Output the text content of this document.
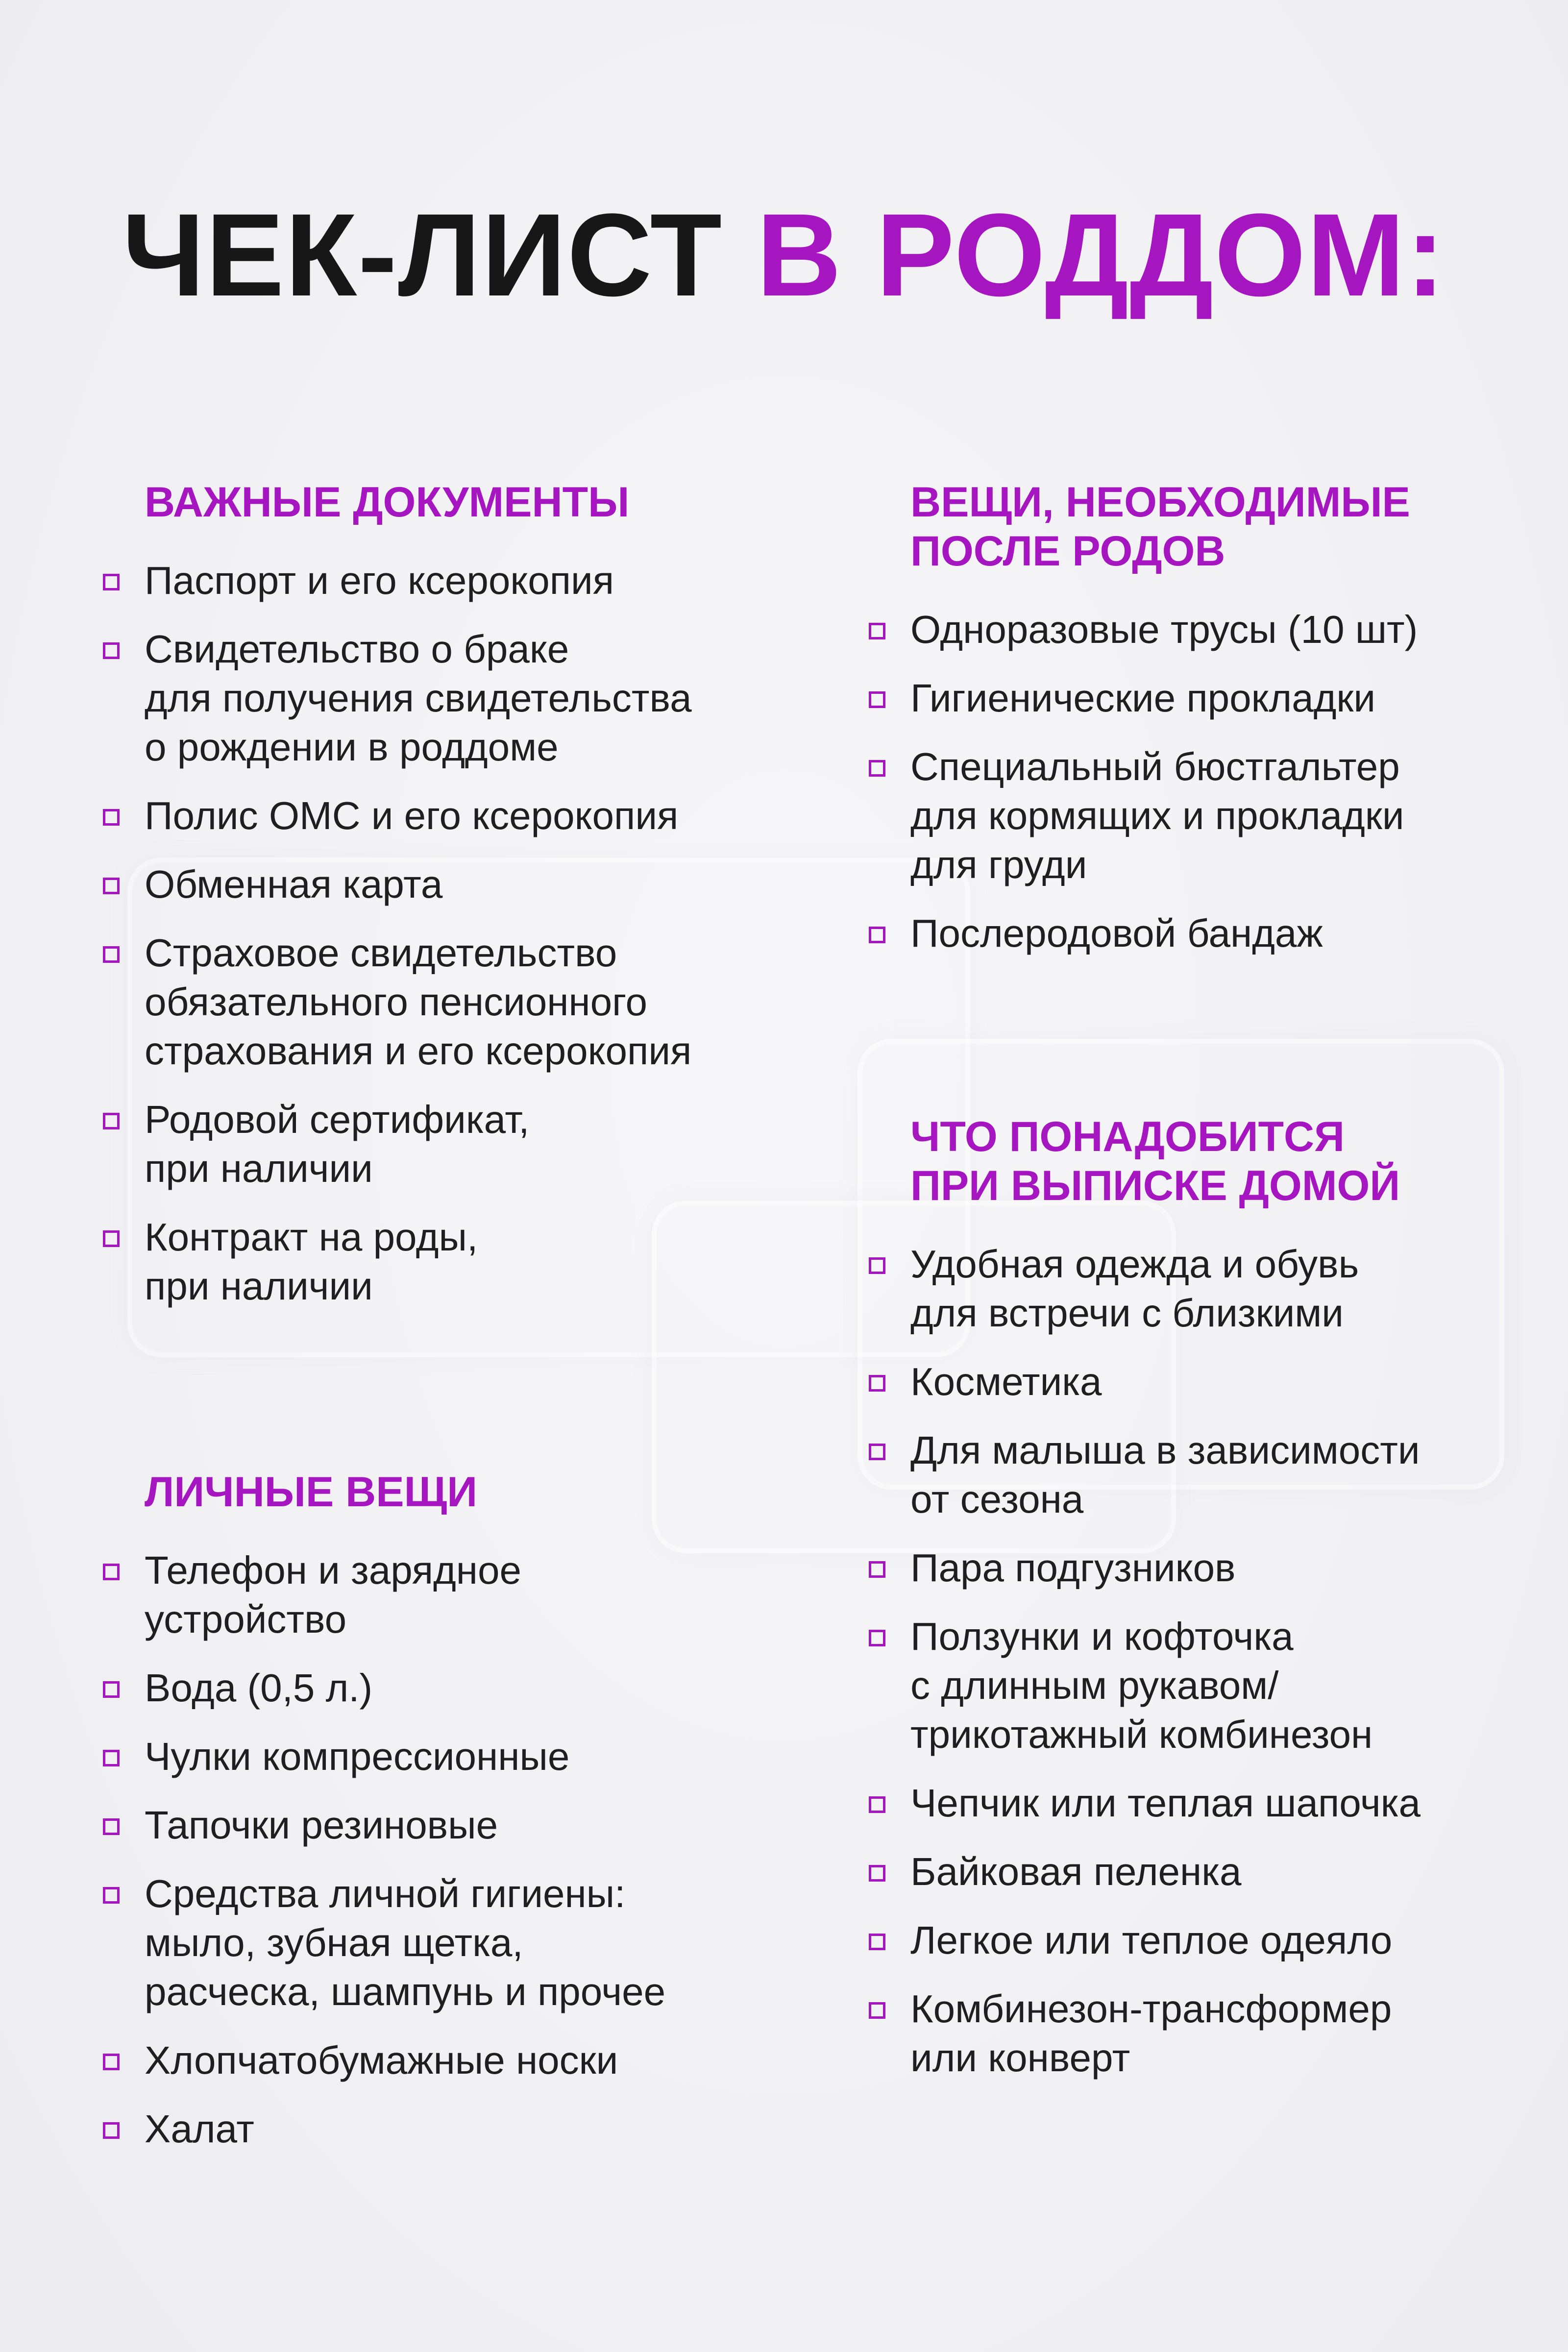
ЧЕК-ЛИСТ В РОДДОМ:
ВАЖНЫЕ ДОКУМЕНТЫ
Паспорт и его ксерокопия
Свидетельство о браке
для получения свидетельства
о рождении в роддоме
Полис ОМС и его ксерокопия
Обменная карта
Страховое свидетельство
обязательного пенсионного
страхования и его ксерокопия
Родовой сертификат,
при наличии
Контракт на роды,
при наличии
ЛИЧНЫЕ ВЕЩИ
Телефон и зарядное
устройство
Вода (0,5 л.)
Чулки компрессионные
Тапочки резиновые
Средства личной гигиены:
мыло, зубная щетка,
расческа, шампунь и прочее
Хлопчатобумажные носки
Халат
ВЕЩИ, НЕОБХОДИМЫЕ
ПОСЛЕ РОДОВ
Одноразовые трусы (10 шт)
Гигиенические прокладки
Специальный бюстгальтер
для кормящих и прокладки
для груди
Послеродовой бандаж
ЧТО ПОНАДОБИТСЯ
ПРИ ВЫПИСКЕ ДОМОЙ
Удобная одежда и обувь
для встречи с близкими
Косметика
Для малыша в зависимости
от сезона
Пара подгузников
Ползунки и кофточка
с длинным рукавом/
трикотажный комбинезон
Чепчик или теплая шапочка
Байковая пеленка
Легкое или теплое одеяло
Комбинезон-трансформер
или конверт
